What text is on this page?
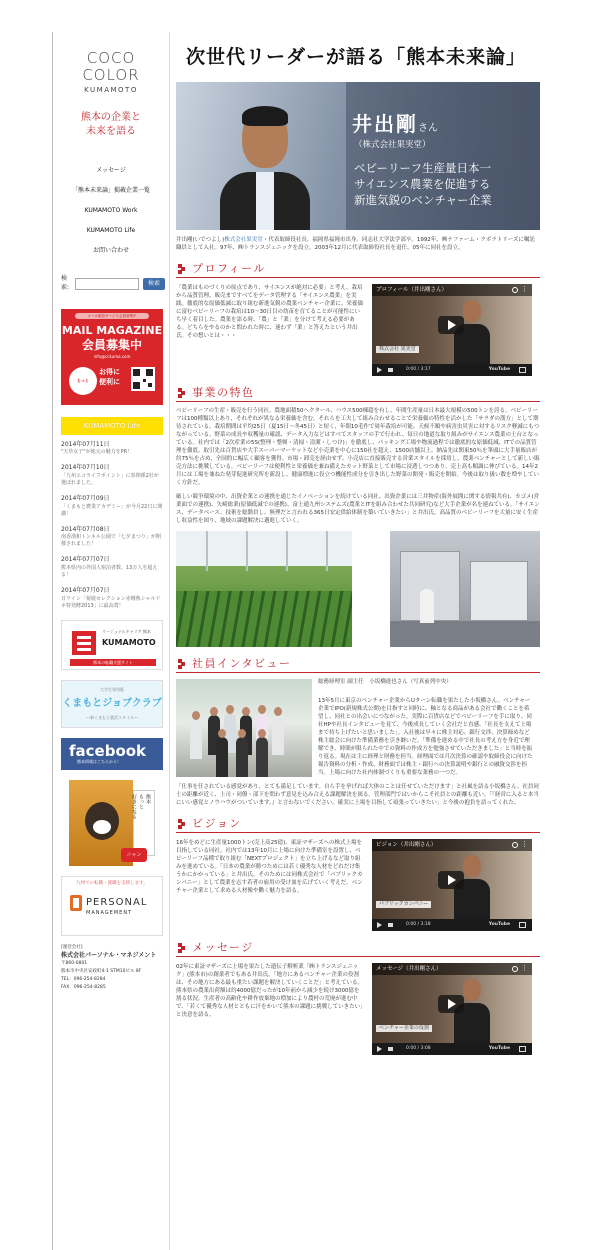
COCO
COLOR
KUMAMOTO
熊本の企業と
未来を語る
メッセージ
「熊本未来論」掲載企業一覧
KUMAMOTO Work
KUMAMOTO Life
お問い合わせ
検索:
検索
メール配信サービス会員募集中
MAIL MAGAZINE
会員募集中
info@cckuma.com
もっと
お得に
便利に
KUMAMOTO Life
2014年07月11日
"天草女子"が地元の魅力をPR！
2014年07月10日
「九州エコライフポイント」に県関係2社が選ばれました。
2014年07月09日
「くまもと農業アカデミー」が今月22日に開講！
2014年07月08日
南香漢和トンネル公園で「七夕まつり」が開催されました！
2014年07月07日
熊本県内の外国人宿泊者数、13万人を超える！
2014年07月07日
日ワイン「菊鹿セレクション赤樽熟シャルドネ特発酵2013」に最高賞！
リージョナルキャリア 熊本
KUMAMOTO
熊本の転職支援サイト
大学生専用版
くまもとジョブクラブ
〜新くまもと就活スタイル〜
facebook
熊本情報はこちらから！
熊本
もっと
好きになる
ニャン
九州での転職・就職を支援します。
PERSONAL
MANAGEMENT
[運営会社]
株式会社パーソナル・マネジメント
〒860-0801
熊本市中央区安政町4-1 STM10ビル 8F
TEL：096-254-8284
FAX：096-254-8285
次世代リーダーが語る「熊本未来論」
井出剛さん
（株式会社果実堂）
ベビーリーフ生産量日本一
サイエンス農業を促進する
新進気鋭のベンチャー企業
井出剛(いでつよし)株式会社果実堂・代表取締役社長。福岡県福岡市出身。同志社大学法学部卒。1992年、㈱ナファーム・ラボラトリーズに嘱託職員として入社。97年、㈱トランスジェニックを設立。2003年12月に代表取締役社長を退任、05年に同社を設立。
プロフィール
「農業はものづくりの原点であり、サイエンスが絶対に必要」と考え、栽培から品質管理、販売まですべてをデータ管理する「サイエンス農業」を実践。徹底的な原価低減に取り組む新進気鋭の農業ベンチャー企業に。栄養価に富むベビーリーフの栽培は10～30日目の幼苗を育てることが可能性にいち早く着目した。農業を語る時、「農」と「業」を分けて考える必要がある。どちらをやるのかと問われた時に、迷わず「業」と答えたという井出氏。その想いとは・・・
プロフィール（井出剛さん）	⋮
株式会社 果実堂
0:00 / 3:17	YouTube
事業の特色
ベビーリーフの生産・販売を行う同社。農地面積50ヘクタール、ハウス500棟超を有し、年間生産量は日本最大規模の500トンを誇る。ベビーリーフは100種類以上あり、それぞれが異なる栄養価を含む。それらを工夫して組み合わせることで栄養価の特性を活かした「サラダの漢方」として期待されている。栽培期間は平均25日（夏15日～冬45日）と短く、年間10毛作で周年栽培が可能。天候不順や病害虫災害に対するリスク軽減にもつながっている。野菜の成長や収穫量の確認、データ入力などはすべてスタッフの手で行われ、毎日の地道な取り組みがサイエンス農業の土台となっている。社内では「2次産業の5S(整理・整頓・清掃・清潔・しつけ)」を徹底し、パッキング工場や物流過程では徹底的な原価低減、ITでの品質管理を徹底。取引先は百貨店や大手スーパーマーケットなど小売業を中心に150社を超え、1500店舗以上。納品先は関東50％を筆頭に大手量販店が約75％を占め、全国的に幅広く顧客を獲得。市場・卸売を経由せず、小売店に直接販売する営業スタイルを採用し、農業ベンチャーとして新しい販売方法に挑戦している。ベビーリーフは便利性と栄養価を兼ね備えたカット野菜として市場に浸透しつつあり、売上高も順調に伸びている。14年2月には工場を兼ねた発芽促進研究所を新設し、健康増進に役立つ機能性成分を引き出した野菜の開発・販売を開始。今後は取り扱い数を増やしていく方針だ。
厳しい競争環境の中、出資企業との連携を通じたイノベーションを続けている同社。出資企業には三井物産(海外展開に関する情報共有)、カゴメ(営業面での連携)、矢崎総業(原価低減での連携)、富士通九州システムズ(農業とITを組み合わせた共同研究)など大手企業が名を連ねている。「サイエンス、データベース、技術を総動員し、無理だと言われる365日安定供給体制を築いていきたい」と井出氏。高品質のベビーリーフを大量に安く生産し収益性を図り、地域の課題解決に邁進していく。
社員インタビュー
総務経理室 副主任　小坂橋進也さん（写真前列中央）
13年5月に東京のベンチャー企業からUターン転職を果たした小坂橋さん。ベンチャー企業でIPO(新規株式公開)を目指すと同時に、軸となる商品がある会社で働くことを希望し、同社との出会いにつながった。実際に百貨店などでベビーリーフを手に取り、同社HPや社長インタビューを見て、今後成長していく会社だと直感。「社長を支えて上場まで持ち上げたいと思いました」。入社後は早々に株主対応、銀行交渉、決算締めなど株主総会に向けた準備業務を引き継いだ。「準備を進める中で社長の考え方を身近で理解でき、時間が限られた中での資料の作成方を勉強させていただきました」と当時を振り返る。現在は主に経理と財務を担当。経理面では月次決算の確認や取締役会に向けた報告資料の分析・作成、財務面では株主・銀行への決算説明や銀行との融資交渉を担当。上場に向けた社内体制づくりも重要な業務の一つだ。
「仕事を任されている感覚があり、とても満足しています。自ら手を挙げれば大体のことは任せていただけます」と社風を語る小坂橋さん。社員同士の距離が近く、上司・同僚・部下を問わず意見を込み合える課題解決を図る。管理部門ではいからこそ社員との距離も近い。「『経営に入ると本当にいい感覚とノウハウがついています。』と言わないでください。確実に上場を目指して頑張っていきたい」と今後の抱負を語ってくれた。
ビジョン
16年をめどに生産量1000トン(売上高25億)、東証マザーズへの株式上場を目指している同社。社内では13年10月に上場に向けた準備室を設置し、ベビーリーフ品種で取り組む「NEXTプロジェクト」を立ち上げるなど取り組みを進めている。「日本の農業が勝つためには若く優秀な人材をどれだけ集うかにかかっている」と井出氏。そのためには同株式会社で「パブリックカンパニー」として農業を志す若者の雇用の受け皿を広げていく考えだ。ベンチャー企業として求める人材像や働く魅力を語る。
ビジョン（井出剛さん）	⋮
パブリックカンパニー
0:00 / 3:18	YouTube
メッセージ
02年に東証マザーズに上場を果たした遺伝子解析業「㈱トランスジェニック」(熊本市)の創業者でもある井出氏。「地方にあるベンチャー企業の役割は、その地方にある最も重たい課題を解決していくことだ」と考えている。熊本県の農業出荷額は約4000億だったが10年前から減少を続け3000億を割る状況。生産者の高齢化や耕作放棄地の増加により農村の荒廃が進む中で、「若くて優秀な人材とともに汗をかいて熊本の課題に挑戦していきたい」と決意を語る。
メッセージ（井出剛さん）	⋮
ベンチャー企業の役割
0:00 / 3:08	YouTube
